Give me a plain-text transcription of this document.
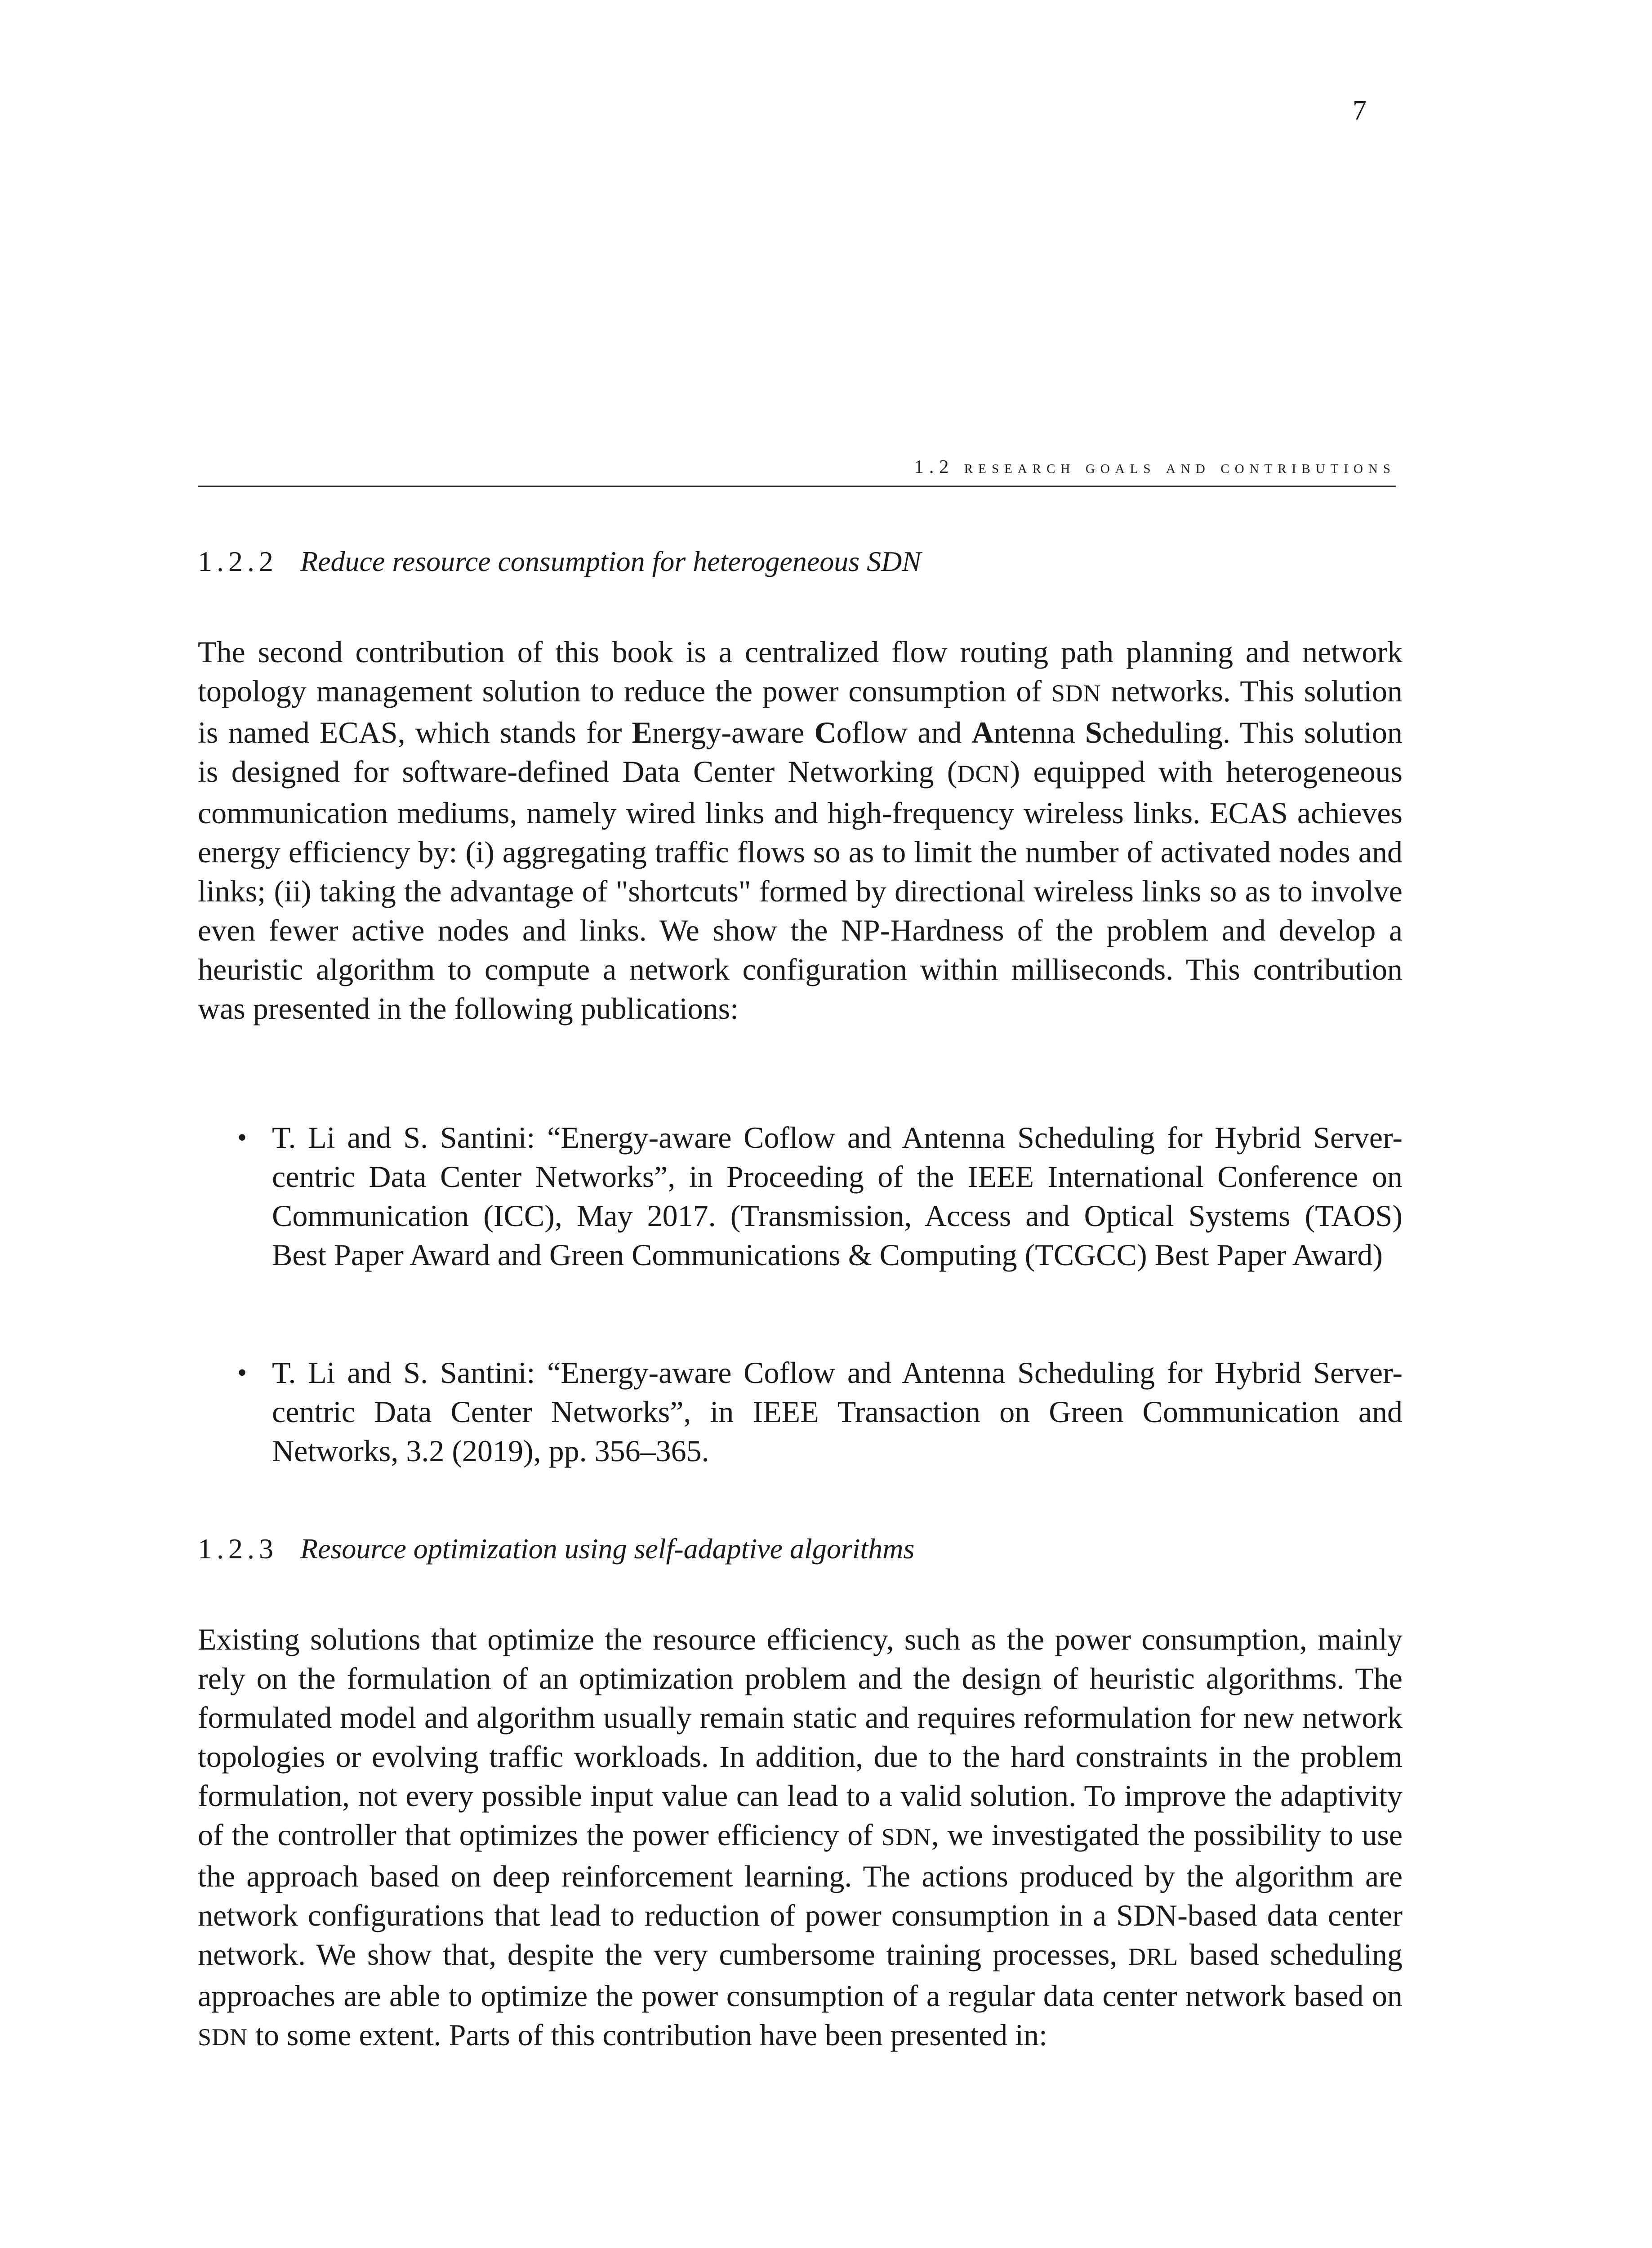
7
1.2 research goals and contributions
1.2.2 Reduce resource consumption for heterogeneous SDN

The second contribution of this book is a centralized flow routing path planning and network topology management solution to reduce the power consumption of SDN networks. This solution is named ECAS, which stands for Energy-aware Coflow and Antenna Scheduling. This solution is designed for software-defined Data Center Networking (DCN) equipped with heterogeneous communication mediums, namely wired links and high-frequency wireless links. ECAS achieves energy efficiency by: (i) aggregating traffic flows so as to limit the number of activated nodes and links; (ii) taking the advantage of "shortcuts" formed by directional wireless links so as to involve even fewer active nodes and links. We show the NP-Hardness of the problem and develop a heuristic algorithm to compute a network configuration within milliseconds. This contribution was presented in the following publications:

• T. Li and S. Santini: “Energy-aware Coflow and Antenna Scheduling for Hybrid Server-centric Data Center Networks”, in Proceeding of the IEEE International Conference on Communication (ICC), May 2017. (Transmission, Access and Optical Systems (TAOS) Best Paper Award and Green Communications & Computing (TCGCC) Best Paper Award)
• T. Li and S. Santini: “Energy-aware Coflow and Antenna Scheduling for Hybrid Server-centric Data Center Networks”, in IEEE Transaction on Green Communication and Networks, 3.2 (2019), pp. 356–365.
1.2.3 Resource optimization using self-adaptive algorithms

Existing solutions that optimize the resource efficiency, such as the power consumption, mainly rely on the formulation of an optimization problem and the design of heuristic algorithms. The formulated model and algorithm usually remain static and requires reformulation for new network topologies or evolving traffic workloads. In addition, due to the hard constraints in the problem formulation, not every possible input value can lead to a valid solution. To improve the adaptivity of the controller that optimizes the power efficiency of SDN, we investigated the possibility to use the approach based on deep reinforcement learning. The actions produced by the algorithm are network configurations that lead to reduction of power consumption in a SDN-based data center network. We show that, despite the very cumbersome training processes, DRL based scheduling approaches are able to optimize the power consumption of a regular data center network based on SDN to some extent. Parts of this contribution have been presented in:
